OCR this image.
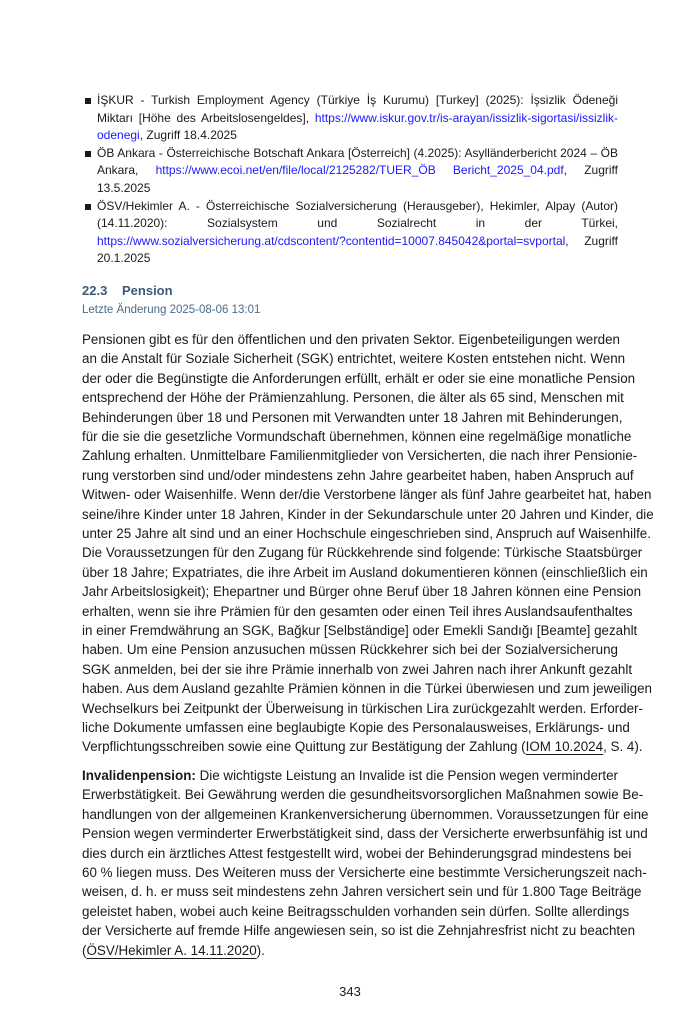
İŞKUR - Turkish Employment Agency (Türkiye İş Kurumu) [Turkey] (2025): İşsizlik Ödeneği Miktarı [Höhe des Arbeitslosengeldes], https://www.iskur.gov.tr/is-arayan/issizlik-sigortasi/issizlik-odenegi, Zugriff 18.4.2025
ÖB Ankara - Österreichische Botschaft Ankara [Österreich] (4.2025): Asylländerbericht 2024 – ÖB Ankara, https://www.ecoi.net/en/file/local/2125282/TUER_ÖB Bericht_2025_04.pdf, Zugriff 13.5.2025
ÖSV/Hekimler A. - Österreichische Sozialversicherung (Herausgeber), Hekimler, Alpay (Autor) (14.11.2020): Sozialsystem und Sozialrecht in der Türkei, https://www.sozialversicherung.at/cdscontent/?contentid=10007.845042&portal=svportal, Zugriff 20.1.2025
22.3 Pension
Letzte Änderung 2025-08-06 13:01
Pensionen gibt es für den öffentlichen und den privaten Sektor. Eigenbeteiligungen werden
an die Anstalt für Soziale Sicherheit (SGK) entrichtet, weitere Kosten entstehen nicht. Wenn
der oder die Begünstigte die Anforderungen erfüllt, erhält er oder sie eine monatliche Pension
entsprechend der Höhe der Prämienzahlung. Personen, die älter als 65 sind, Menschen mit
Behinderungen über 18 und Personen mit Verwandten unter 18 Jahren mit Behinderungen,
für die sie die gesetzliche Vormundschaft übernehmen, können eine regelmäßige monatliche
Zahlung erhalten. Unmittelbare Familienmitglieder von Versicherten, die nach ihrer Pensionie-
rung verstorben sind und/oder mindestens zehn Jahre gearbeitet haben, haben Anspruch auf
Witwen- oder Waisenhilfe. Wenn der/die Verstorbene länger als fünf Jahre gearbeitet hat, haben
seine/ihre Kinder unter 18 Jahren, Kinder in der Sekundarschule unter 20 Jahren und Kinder, die
unter 25 Jahre alt sind und an einer Hochschule eingeschrieben sind, Anspruch auf Waisenhilfe.
Die Voraussetzungen für den Zugang für Rückkehrende sind folgende: Türkische Staatsbürger
über 18 Jahre; Expatriates, die ihre Arbeit im Ausland dokumentieren können (einschließlich ein
Jahr Arbeitslosigkeit); Ehepartner und Bürger ohne Beruf über 18 Jahren können eine Pension
erhalten, wenn sie ihre Prämien für den gesamten oder einen Teil ihres Auslandsaufenthaltes
in einer Fremdwährung an SGK, Bağkur [Selbständige] oder Emekli Sandığı [Beamte] gezahlt
haben. Um eine Pension anzusuchen müssen Rückkehrer sich bei der Sozialversicherung
SGK anmelden, bei der sie ihre Prämie innerhalb von zwei Jahren nach ihrer Ankunft gezahlt
haben. Aus dem Ausland gezahlte Prämien können in die Türkei überwiesen und zum jeweiligen
Wechselkurs bei Zeitpunkt der Überweisung in türkischen Lira zurückgezahlt werden. Erforder-
liche Dokumente umfassen eine beglaubigte Kopie des Personalausweises, Erklärungs- und
Verpflichtungsschreiben sowie eine Quittung zur Bestätigung der Zahlung (IOM 10.2024, S. 4).
Invalidenpension: Die wichtigste Leistung an Invalide ist die Pension wegen verminderter
Erwerbstätigkeit. Bei Gewährung werden die gesundheitsvorsorglichen Maßnahmen sowie Be-
handlungen von der allgemeinen Krankenversicherung übernommen. Voraussetzungen für eine
Pension wegen verminderter Erwerbstätigkeit sind, dass der Versicherte erwerbsunfähig ist und
dies durch ein ärztliches Attest festgestellt wird, wobei der Behinderungsgrad mindestens bei
60 % liegen muss. Des Weiteren muss der Versicherte eine bestimmte Versicherungszeit nach-
weisen, d. h. er muss seit mindestens zehn Jahren versichert sein und für 1.800 Tage Beiträge
geleistet haben, wobei auch keine Beitragsschulden vorhanden sein dürfen. Sollte allerdings
der Versicherte auf fremde Hilfe angewiesen sein, so ist die Zehnjahresfrist nicht zu beachten
(ÖSV/Hekimler A. 14.11.2020).
343
